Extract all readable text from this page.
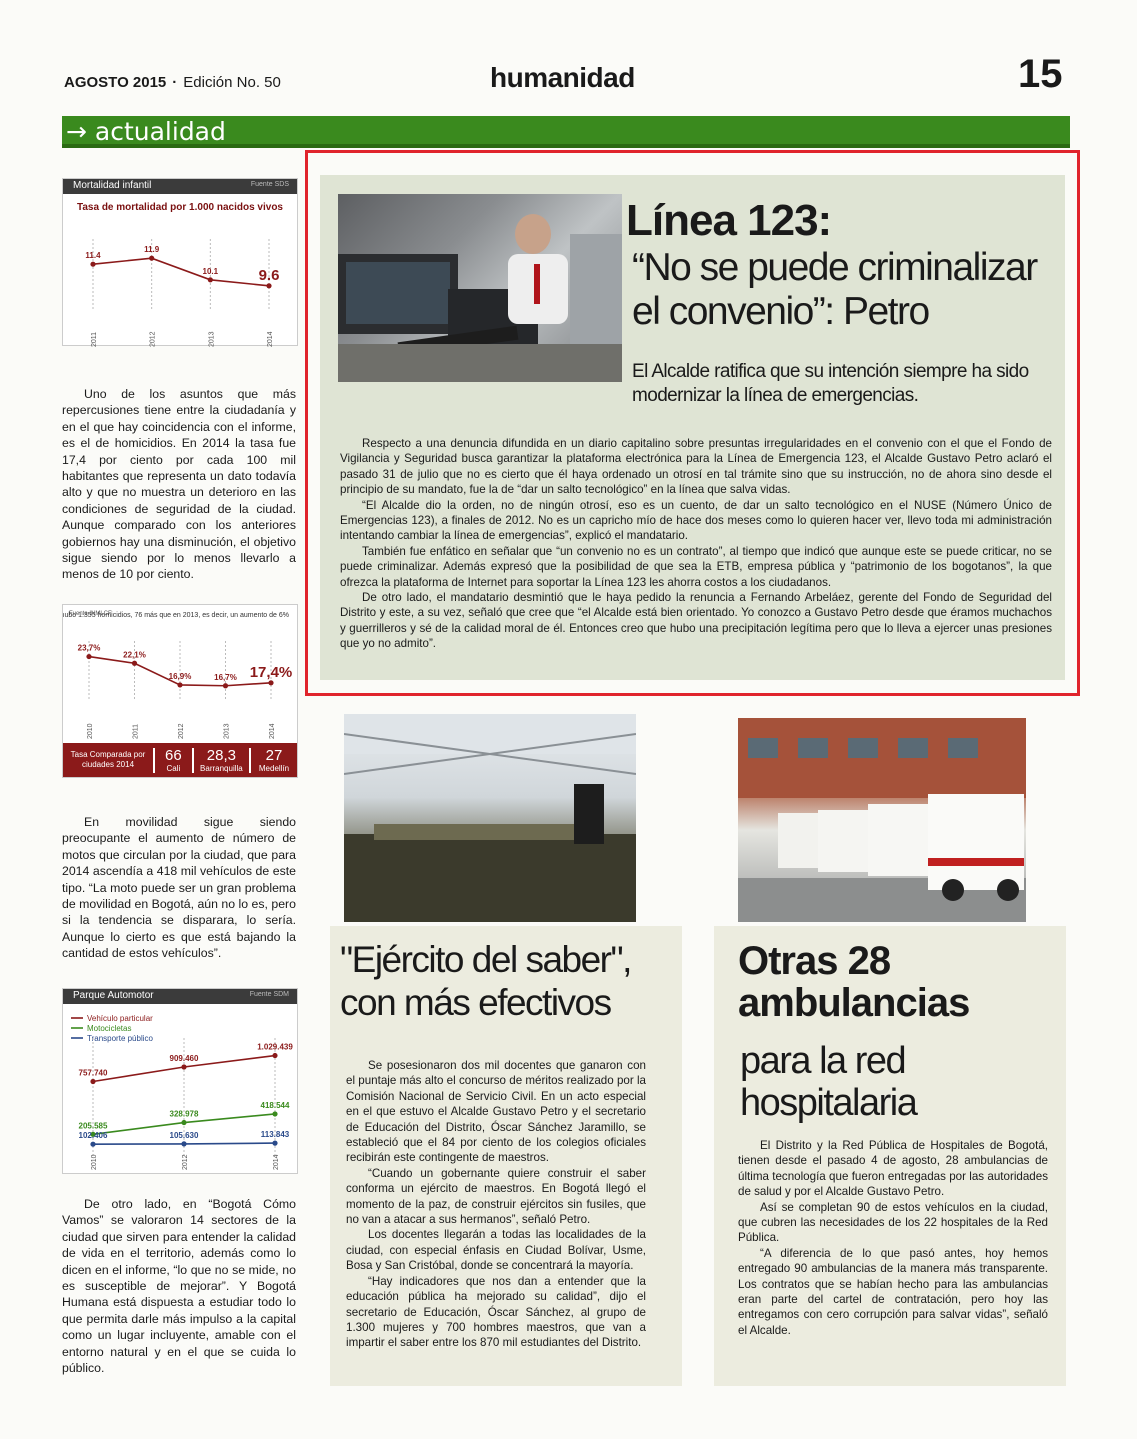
AGOSTO 2015 · Edición No. 50	humanidad	15
→ actualidad
Mortalidad infantil	Fuente SDS
Tasa de mortalidad por 1.000 nacidos vivos
2011	2012	2013	2014
11.4
11.9
10.1	9.6

Uno de los asuntos que más repercusiones tiene entre la ciudadanía y en el que hay coincidencia con el informe, es el de homicidios. En 2014 la tasa fue 17,4 por ciento por cada 100 mil habitantes que representa un dato todavía alto y que no muestra un deterioro en las condiciones de seguridad de la ciudad. Aunque comparado con los anteriores gobiernos hay una disminución, el objetivo sigue siendo por lo menos llevarlo a menos de 10 por ciento.

ubo 1.355 homicidios, 76 más que en 2013, es decir, un aumento de 6%
Fuente INMLCF
2010	2011	2012	2013	2014
23,7%
22,1%
16,9%	16,7% 17,4%
Tasa Comparada por ciudades 2014
66
Cali
28,3
Barranquilla
27
Medellín

En movilidad sigue siendo preocupante el aumento de número de motos que circulan por la ciudad, que para 2014 ascendía a 418 mil vehículos de este tipo. “La moto puede ser un gran problema de movilidad en Bogotá, aún no lo es, pero si la tendencia se disparara, lo sería. Aunque lo cierto es que está bajando la cantidad de estos vehículos”.

Parque Automotor	Fuente SDM
Vehículo particular
Motocicletas
Transporte público
2010	2012	2014
757.740
909.460
1.029.439
205.585
328.978
418.544
102.406	105.630	113.843

De otro lado, en “Bogotá Cómo Vamos” se valoraron 14 sectores de la ciudad que sirven para entender la calidad de vida en el territorio, además como lo dicen en el informe, “lo que no se mide, no es susceptible de mejorar”. Y Bogotá Humana está dispuesta a estudiar todo lo que permita darle más impulso a la capital como un lugar incluyente, amable con el entorno natural y en el que se cuida lo público.

Línea 123:
“No se puede criminalizar el convenio”: Petro
El Alcalde ratifica que su intención siempre ha sido modernizar la línea de emergencias.

Respecto a una denuncia difundida en un diario capitalino sobre presuntas irregularidades en el convenio con el que el Fondo de Vigilancia y Seguridad busca garantizar la plataforma electrónica para la Línea de Emergencia 123, el Alcalde Gustavo Petro aclaró el pasado 31 de julio que no es cierto que él haya ordenado un otrosí en tal trámite sino que su instrucción, no de ahora sino desde el principio de su mandato, fue la de “dar un salto tecnológico” en la línea que salva vidas.

“El Alcalde dio la orden, no de ningún otrosí, eso es un cuento, de dar un salto tecnológico en el NUSE (Número Único de Emergencias 123), a finales de 2012. No es un capricho mío de hace dos meses como lo quieren hacer ver, llevo toda mi administración intentando cambiar la línea de emergencias”, explicó el mandatario.

También fue enfático en señalar que “un convenio no es un contrato”, al tiempo que indicó que aunque este se puede criticar, no se puede criminalizar. Además expresó que la posibilidad de que sea la ETB, empresa pública y “patrimonio de los bogotanos”, la que ofrezca la plataforma de Internet para soportar la Línea 123 les ahorra costos a los ciudadanos.

De otro lado, el mandatario desmintió que le haya pedido la renuncia a Fernando Arbeláez, gerente del Fondo de Seguridad del Distrito y este, a su vez, señaló que cree que “el Alcalde está bien orientado. Yo conozco a Gustavo Petro desde que éramos muchachos y guerrilleros y sé de la calidad moral de él. Entonces creo que hubo una precipitación legítima pero que lo lleva a ejercer unas presiones que yo no admito”.

"Ejército del saber", con más efectivos

Se posesionaron dos mil docentes que ganaron con el puntaje más alto el concurso de méritos realizado por la Comisión Nacional de Servicio Civil. En un acto especial en el que estuvo el Alcalde Gustavo Petro y el secretario de Educación del Distrito, Óscar Sánchez Jaramillo, se estableció que el 84 por ciento de los colegios oficiales recibirán este contingente de maestros.

“Cuando un gobernante quiere construir el saber conforma un ejército de maestros. En Bogotá llegó el momento de la paz, de construir ejércitos sin fusiles, que no van a atacar a sus hermanos”, señaló Petro.

Los docentes llegarán a todas las localidades de la ciudad, con especial énfasis en Ciudad Bolívar, Usme, Bosa y San Cristóbal, donde se concentrará la mayoría.

“Hay indicadores que nos dan a entender que la educación pública ha mejorado su calidad”, dijo el secretario de Educación, Óscar Sánchez, al grupo de 1.300 mujeres y 700 hombres maestros, que van a impartir el saber entre los 870 mil estudiantes del Distrito.

Otras 28 ambulancias
para la red hospitalaria

El Distrito y la Red Pública de Hospitales de Bogotá, tienen desde el pasado 4 de agosto, 28 ambulancias de última tecnología que fueron entregadas por las autoridades de salud y por el Alcalde Gustavo Petro.

Así se completan 90 de estos vehículos en la ciudad, que cubren las necesidades de los 22 hospitales de la Red Pública.

“A diferencia de lo que pasó antes, hoy hemos entregado 90 ambulancias de la manera más transparente. Los contratos que se habían hecho para las ambulancias eran parte del cartel de contratación, pero hoy las entregamos con cero corrupción para salvar vidas”, señaló el Alcalde.
